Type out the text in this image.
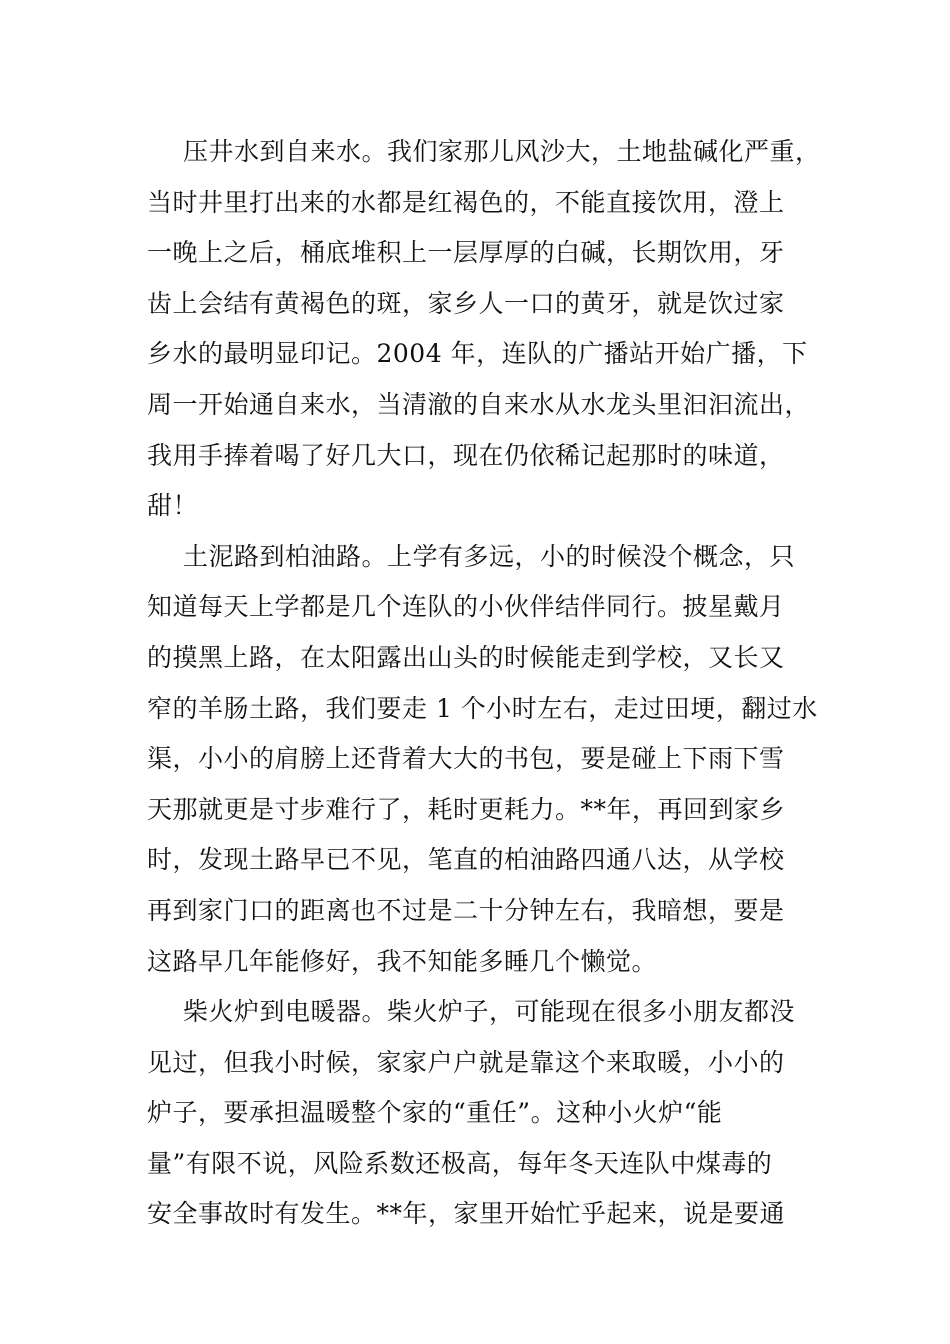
压井水到自来水。我们家那儿风沙大，土地盐碱化严重，
当时井里打出来的水都是红褐色的，不能直接饮用，澄上
一晚上之后，桶底堆积上一层厚厚的白碱，长期饮用，牙
齿上会结有黄褐色的斑，家乡人一口的黄牙，就是饮过家
乡水的最明显印记。2004 年，连队的广播站开始广播，下
周一开始通自来水，当清澈的自来水从水龙头里汩汩流出，
我用手捧着喝了好几大口，现在仍依稀记起那时的味道，
甜！
土泥路到柏油路。上学有多远，小的时候没个概念，只
知道每天上学都是几个连队的小伙伴结伴同行。披星戴月
的摸黑上路，在太阳露出山头的时候能走到学校，又长又
窄的羊肠土路，我们要走 1 个小时左右，走过田埂，翻过水
渠，小小的肩膀上还背着大大的书包，要是碰上下雨下雪
天那就更是寸步难行了，耗时更耗力。**年，再回到家乡
时，发现土路早已不见，笔直的柏油路四通八达，从学校
再到家门口的距离也不过是二十分钟左右，我暗想，要是
这路早几年能修好，我不知能多睡几个懒觉。
柴火炉到电暖器。柴火炉子，可能现在很多小朋友都没
见过，但我小时候，家家户户就是靠这个来取暖，小小的
炉子，要承担温暖整个家的“重任”。这种小火炉“能
量”有限不说，风险系数还极高，每年冬天连队中煤毒的
安全事故时有发生。**年，家里开始忙乎起来，说是要通
